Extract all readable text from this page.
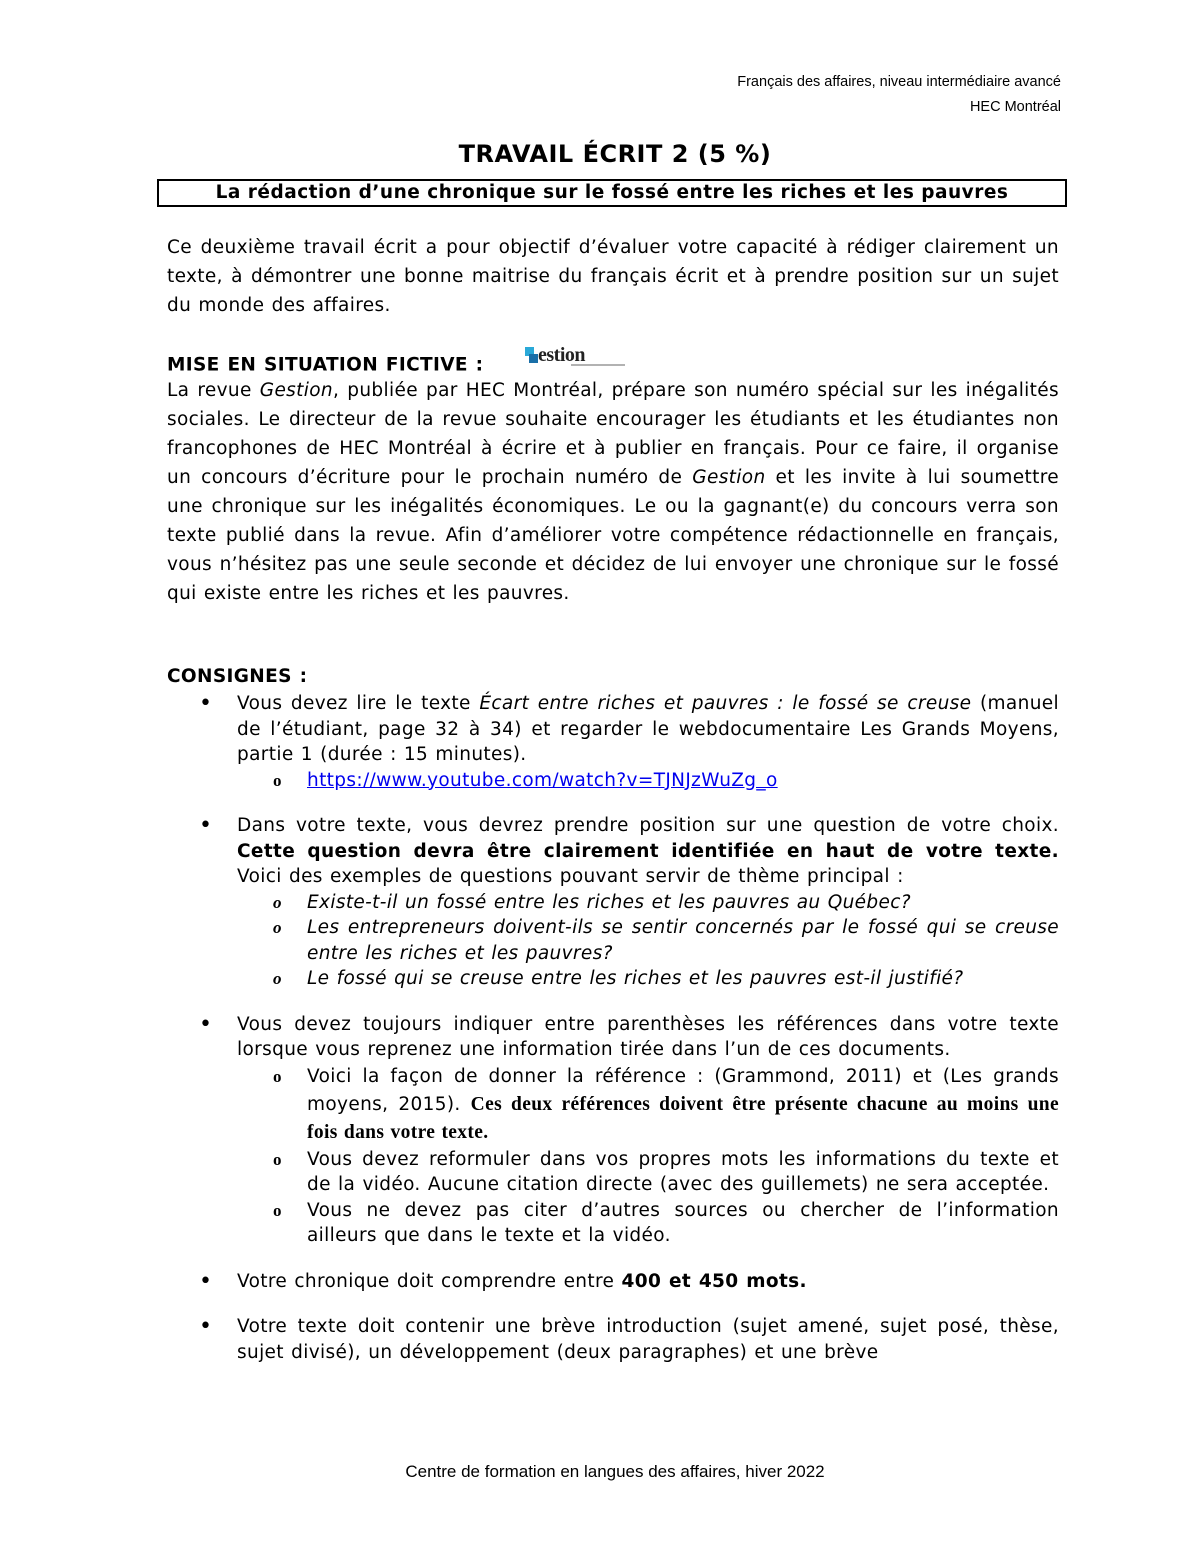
Français des affaires, niveau intermédiaire avancé
HEC Montréal
TRAVAIL ÉCRIT 2 (5 %)
La rédaction d’une chronique sur le fossé entre les riches et les pauvres
Ce deuxième travail écrit a pour objectif d’évaluer votre capacité à rédiger clairement un texte, à démontrer une bonne maitrise du français écrit et à prendre position sur un sujet du monde des affaires.
MISE EN SITUATION FICTIVE :	estion
La revue Gestion, publiée par HEC Montréal, prépare son numéro spécial sur les inégalités sociales. Le directeur de la revue souhaite encourager les étudiants et les étudiantes non francophones de HEC Montréal à écrire et à publier en français. Pour ce faire, il organise un concours d’écriture pour le prochain numéro de Gestion et les invite à lui soumettre une chronique sur les inégalités économiques. Le ou la gagnant(e) du concours verra son texte publié dans la revue. Afin d’améliorer votre compétence rédactionnelle en français, vous n’hésitez pas une seule seconde et décidez de lui envoyer une chronique sur le fossé qui existe entre les riches et les pauvres.
CONSIGNES :
• Vous devez lire le texte Écart entre riches et pauvres : le fossé se creuse (manuel de l’étudiant, page 32 à 34) et regarder le webdocumentaire Les Grands Moyens, partie 1 (durée : 15 minutes).
o https://www.youtube.com/watch?v=TJNJzWuZg_o
• Dans votre texte, vous devrez prendre position sur une question de votre choix. Cette question devra être clairement identifiée en haut de votre texte. Voici des exemples de questions pouvant servir de thème principal :
o Existe-t-il un fossé entre les riches et les pauvres au Québec?
o Les entrepreneurs doivent-ils se sentir concernés par le fossé qui se creuse entre les riches et les pauvres?
o Le fossé qui se creuse entre les riches et les pauvres est-il justifié?
• Vous devez toujours indiquer entre parenthèses les références dans votre texte lorsque vous reprenez une information tirée dans l’un de ces documents.
o Voici la façon de donner la référence : (Grammond, 2011) et (Les grands moyens, 2015). Ces deux références doivent être présente chacune au moins une fois dans votre texte.
o Vous devez reformuler dans vos propres mots les informations du texte et de la vidéo. Aucune citation directe (avec des guillemets) ne sera acceptée.
o Vous ne devez pas citer d’autres sources ou chercher de l’information ailleurs que dans le texte et la vidéo.
• Votre chronique doit comprendre entre 400 et 450 mots.
• Votre texte doit contenir une brève introduction (sujet amené, sujet posé, thèse, sujet divisé), un développement (deux paragraphes) et une brève
Centre de formation en langues des affaires, hiver 2022
